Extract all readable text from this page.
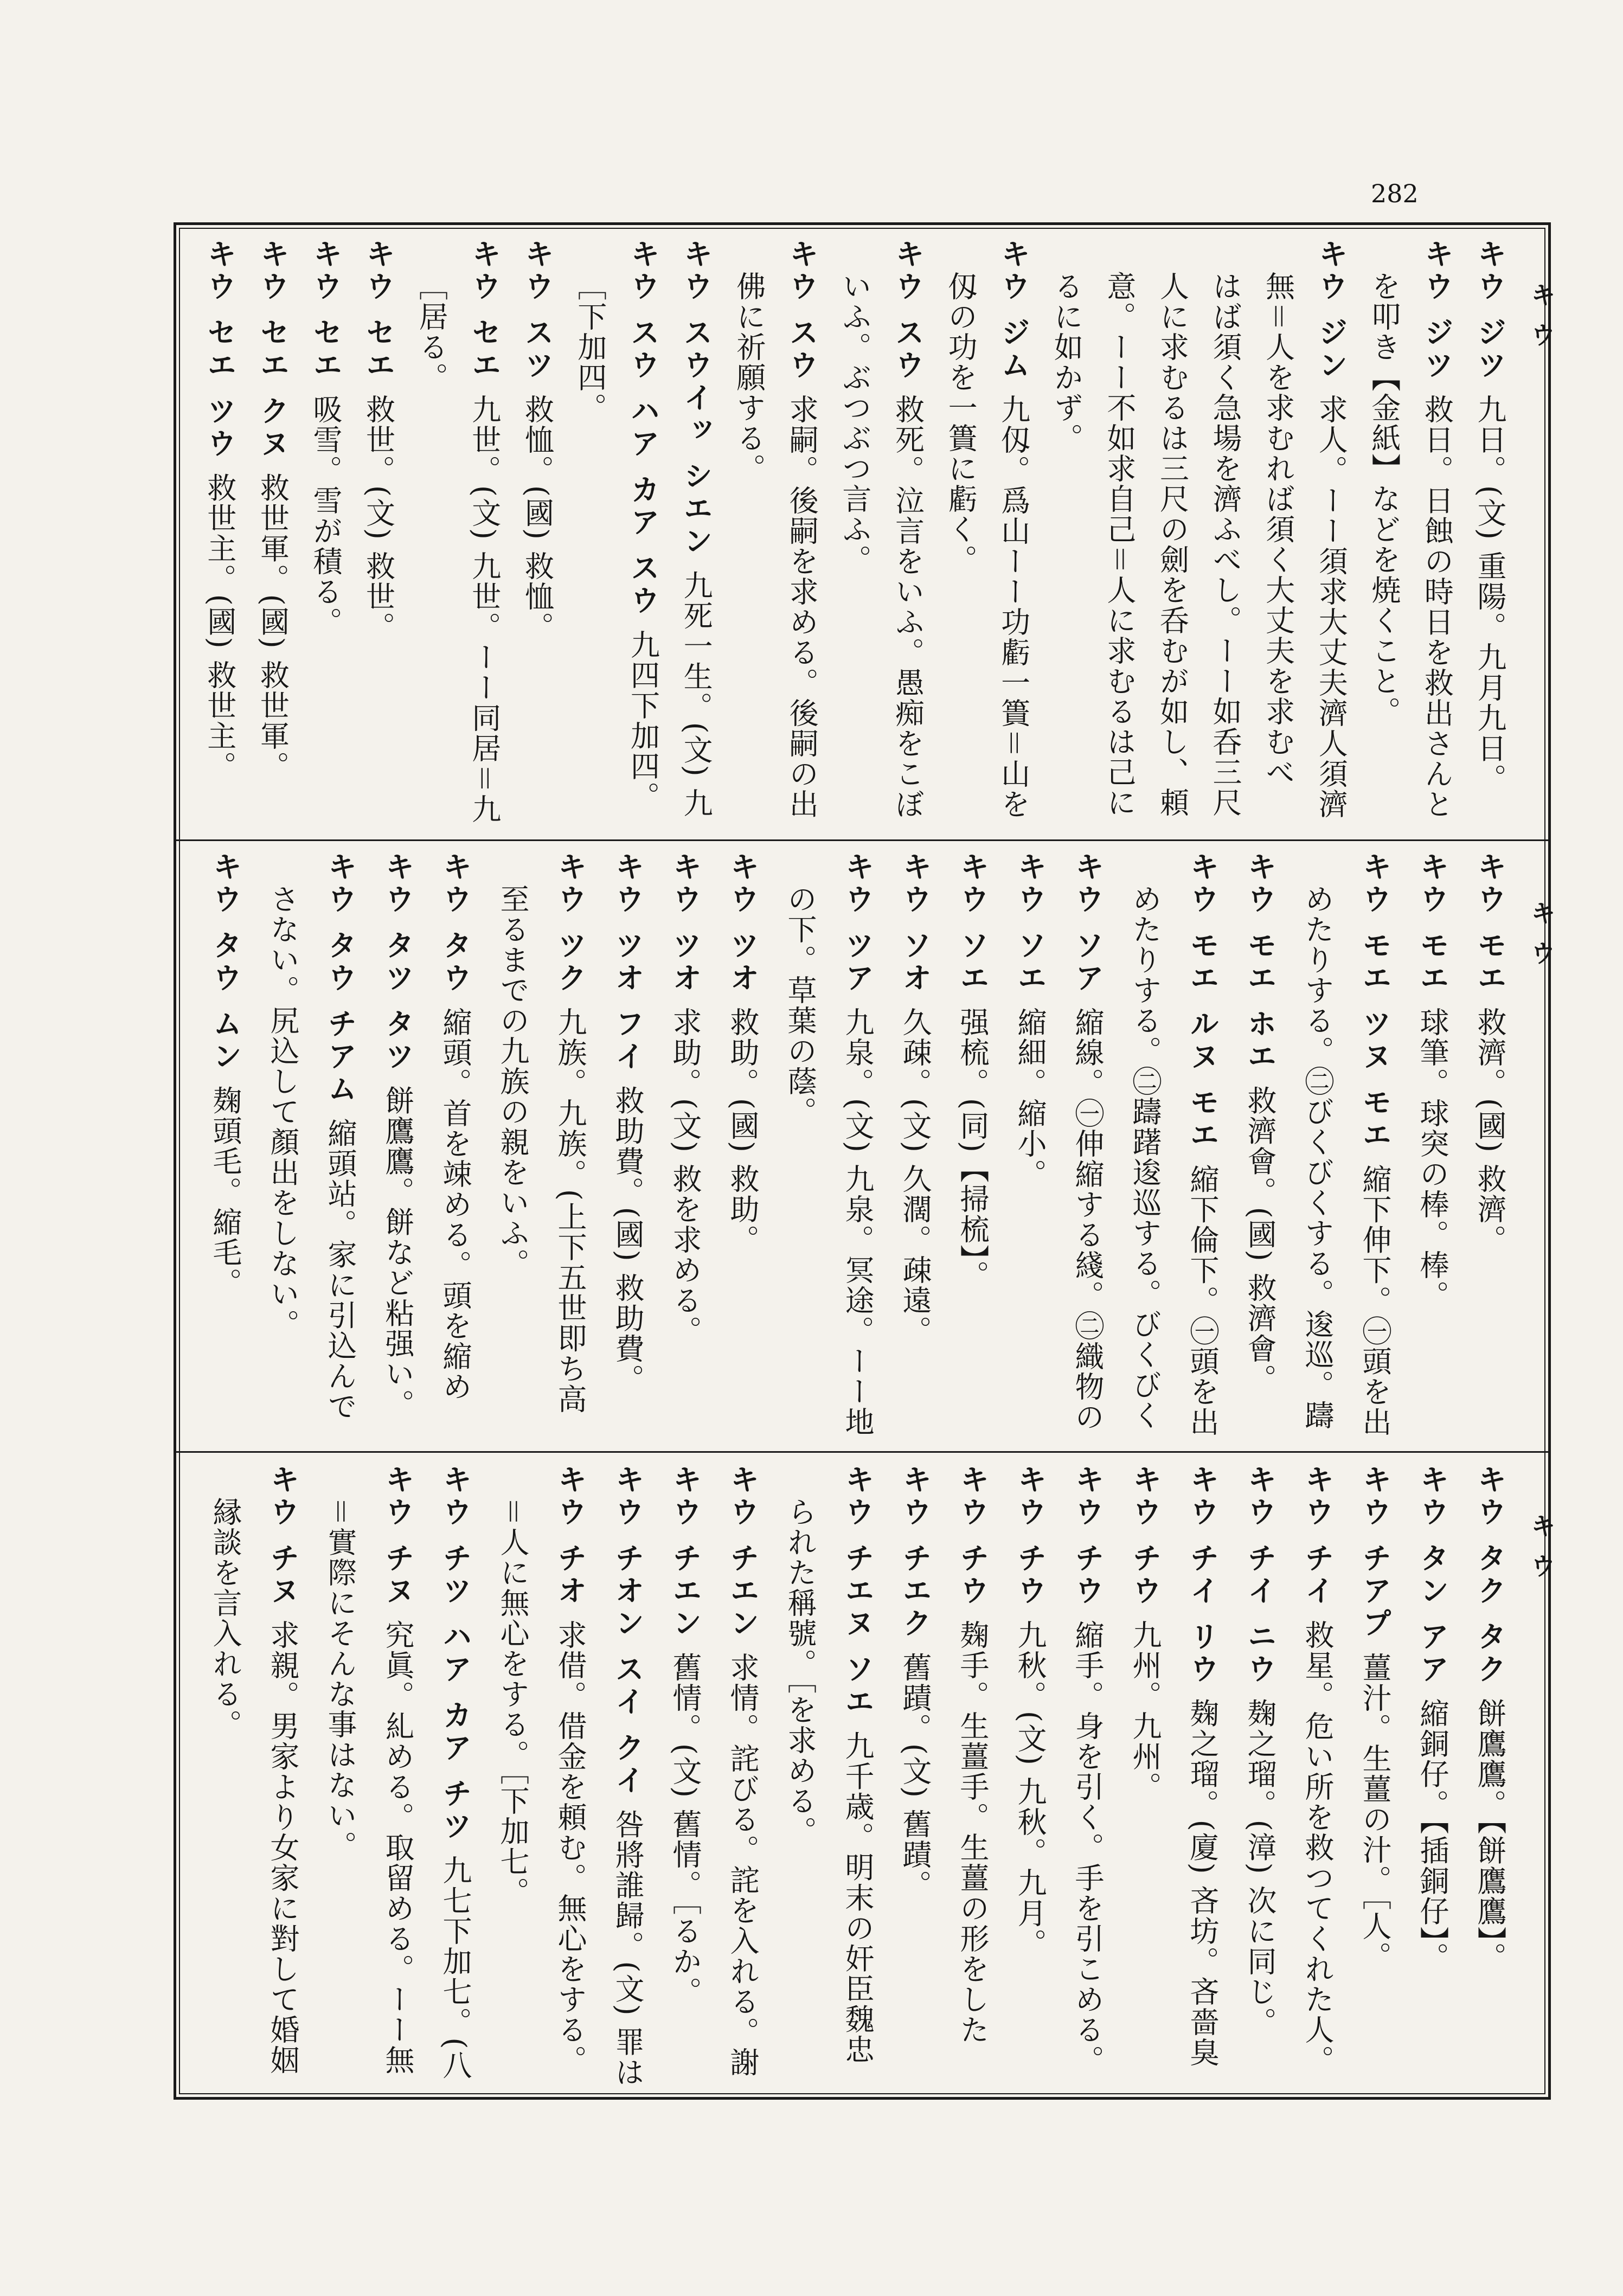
282
キ ウ
キ ウ
キ ウ
キウ ジツ九日。(文) 重陽。九月九日。
キウ ジツ救日。日蝕の時日を救出さんと
を叩き【金紙】などを焼くこと。
キウ ジン求人。ーー須求大丈夫濟人須濟
無＝人を求むれば須く大丈夫を求むべ
はば須く急場を濟ふべし。ーー如呑三尺
人に求むるは三尺の劍を呑むが如し、頼
意。ーー不如求自己＝人に求むるは己に
るに如かず。
キウ ジム九仭。爲山ーー功虧一簣＝山を
仭の功を一簣に虧く。
キウ スウ救死。泣言をいふ。愚痴をこぼ
いふ。ぶつぶつ言ふ。
キウ スウ求嗣。後嗣を求める。後嗣の出
佛に祈願する。
キウ スウイッ シエン九死一生。(文) 九
キウ スウ ハア カア スウ九四下加四。
［下加四。
キウ スツ救恤。(國) 救恤。
キウ セエ九世。(文) 九世。ーー同居＝九
［居る。
キウ セエ救世。(文) 救世。
キウ セエ吸雪。雪が積る。
キウ セエ クヌ救世軍。(國) 救世軍。
キウ セエ ツウ救世主。(國) 救世主。
キウ モエ救濟。(國) 救濟。
キウ モエ球筆。球突の棒。棒。
キウ モエ ツヌ モエ縮下伸下。㊀頭を出
めたりする。㊁びくびくする。逡巡。躊
キウ モエ ホエ救濟會。(國) 救濟會。
キウ モエ ルヌ モエ縮下倫下。㊀頭を出
めたりする。㊁躊躇逡巡する。びくびく
キウ ソア縮線。㊀伸縮する綫。㊁織物の
キウ ソエ縮細。縮小。
キウ ソエ强梳。(同)【掃梳】。
キウ ソオ久疎。(文) 久濶。疎遠。
キウ ツア九泉。(文) 九泉。冥途。ーー地
の下。草葉の蔭。
キウ ツオ救助。(國) 救助。
キウ ツオ求助。(文) 救を求める。
キウ ツオ フイ救助費。(國) 救助費。
キウ ツク九族。九族。(上下五世即ち高
至るまでの九族の親をいふ。
キウ タウ縮頭。首を竦める。頭を縮め
キウ タツ タツ餅鷹鷹。餅など粘强い。
キウ タウ チアム縮頭站。家に引込んで
さない。尻込して顏出をしない。
キウ タウ ムン麹頭毛。縮毛。
キウ タク タク餅鷹鷹。【餅鷹鷹】。
キウ タン アア縮銅仔。【插銅仔】。
キウ チアプ薑汁。生薑の汁。［人。
キウ チイ救星。危い所を救つてくれた人。
キウ チイ ニウ麹之瑠。(漳) 次に同じ。
キウ チイ リウ麹之瑠。(廈) 吝坊。吝嗇臭
キウ チウ九州。九州。
キウ チウ縮手。身を引く。手を引こめる。
キウ チウ九秋。(文) 九秋。九月。
キウ チウ麹手。生薑手。生薑の形をした
キウ チエク舊蹟。(文) 舊蹟。
キウ チエヌ ソエ九千歳。明末の奸臣魏忠
られた稱號。［を求める。
キウ チエン求情。詫びる。詫を入れる。謝
キウ チエン舊情。(文) 舊情。［るか。
キウ チオン スイ クイ咎將誰歸。(文) 罪は
キウ チオ求借。借金を頼む。無心をする。
＝人に無心をする。［下加七。
キウ チツ ハア カア チツ九七下加七。(八
キウ チヌ究眞。糺める。取留める。ーー無
＝實際にそんな事はない。
キウ チヌ求親。男家より女家に對して婚姻
縁談を言入れる。
